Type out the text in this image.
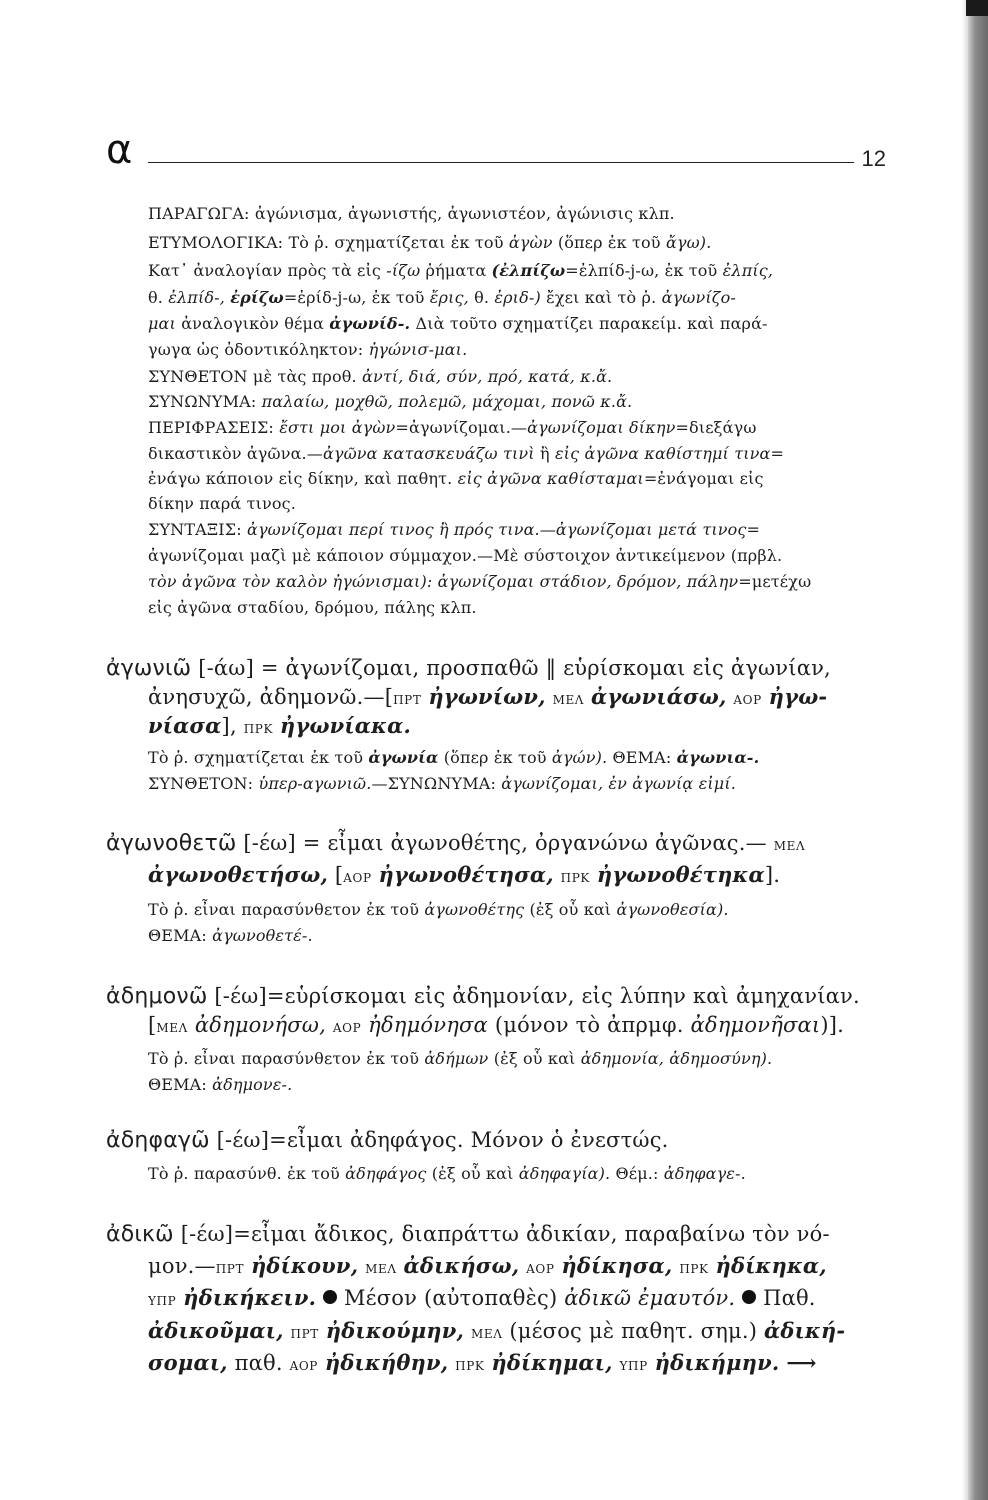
α	12
ΠΑΡΑΓΩΓΑ: ἀγώνισμα, ἀγωνιστής, ἀγωνιστέον, ἀγώνισις κλπ.
ΕΤΥΜΟΛΟΓΙΚΑ: Τὸ ῥ. σχηματίζεται ἐκ τοῦ ἀγὼν (ὅπερ ἐκ τοῦ ἄγω).
Κατ᾽ ἀναλογίαν πρὸς τὰ εἰς -ίζω ῥήματα (ἐλπίζω=ἐλπίδ-j-ω, ἐκ τοῦ ἐλπίς,
θ. ἐλπίδ-, ἐρίζω=ἐρίδ-j-ω, ἐκ τοῦ ἔρις, θ. ἐριδ-) ἔχει καὶ τὸ ῥ. ἀγωνίζο-
μαι ἀναλογικὸν θέμα ἀγωνίδ-. Διὰ τοῦτο σχηματίζει παρακείμ. καὶ παρά-
γωγα ὡς ὀδοντικόληκτον: ἠγώνισ-μαι.
ΣΥΝΘΕΤΟΝ μὲ τὰς προθ. ἀντί, διά, σύν, πρό, κατά, κ.ἄ.
ΣΥΝΩΝΥΜΑ: παλαίω, μοχθῶ, πολεμῶ, μάχομαι, πονῶ κ.ἄ.
ΠΕΡΙΦΡΑΣΕΙΣ: ἔστι μοι ἀγὼν=ἀγωνίζομαι.—ἀγωνίζομαι δίκην=διεξάγω
δικαστικὸν ἀγῶνα.—ἀγῶνα κατασκευάζω τινὶ ἢ εἰς ἀγῶνα καθίστημί τινα=
ἐνάγω κάποιον εἰς δίκην, καὶ παθητ. εἰς ἀγῶνα καθίσταμαι=ἐνάγομαι εἰς
δίκην παρά τινος.
ΣΥΝΤΑΞΙΣ: ἀγωνίζομαι περί τινος ἢ πρός τινα.—ἀγωνίζομαι μετά τινος=
ἀγωνίζομαι μαζὶ μὲ κάποιον σύμμαχον.—Μὲ σύστοιχον ἀντικείμενον (πρβλ.
τὸν ἀγῶνα τὸν καλὸν ἠγώνισμαι): ἀγωνίζομαι στάδιον, δρόμον, πάλην=μετέχω
εἰς ἀγῶνα σταδίου, δρόμου, πάλης κλπ.
ἀγωνιῶ [-άω] = ἀγωνίζομαι, προσπαθῶ ‖ εὑρίσκομαι εἰς ἀγωνίαν,
ἀνησυχῶ, ἀδημονῶ.—[ΠΡΤ ἠγωνίων, ΜΕΛ ἀγωνιάσω, ΑΟΡ ἠγω-
νίασα], ΠΡΚ ἠγωνίακα.
Τὸ ῥ. σχηματίζεται ἐκ τοῦ ἀγωνία (ὅπερ ἐκ τοῦ ἀγών). ΘΕΜΑ: ἀγωνια-.
ΣΥΝΘΕΤΟΝ: ὑπερ-αγωνιῶ.—ΣΥΝΩΝΥΜΑ: ἀγωνίζομαι, ἐν ἀγωνίᾳ εἰμί.
ἀγωνοθετῶ [-έω] = εἶμαι ἀγωνοθέτης, ὀργανώνω ἀγῶνας.— ΜΕΛ
ἀγωνοθετήσω, [ΑΟΡ ἠγωνοθέτησα, ΠΡΚ ἠγωνοθέτηκα].
Τὸ ῥ. εἶναι παρασύνθετον ἐκ τοῦ ἀγωνοθέτης (ἐξ οὗ καὶ ἀγωνοθεσία).
ΘΕΜΑ: ἀγωνοθετέ-.
ἀδημονῶ [-έω]=εὑρίσκομαι εἰς ἀδημονίαν, εἰς λύπην καὶ ἀμηχανίαν.
[ΜΕΛ ἀδημονήσω, ΑΟΡ ἠδημόνησα (μόνον τὸ ἀπρμφ. ἀδημονῆσαι)].
Τὸ ῥ. εἶναι παρασύνθετον ἐκ τοῦ ἀδήμων (ἐξ οὗ καὶ ἀδημονία, ἀδημοσύνη).
ΘΕΜΑ: ἀδημονε-.
ἀδηφαγῶ [-έω]=εἶμαι ἀδηφάγος. Μόνον ὁ ἐνεστώς.
Τὸ ῥ. παρασύνθ. ἐκ τοῦ ἀδηφάγος (ἐξ οὗ καὶ ἀδηφαγία). Θέμ.: ἀδηφαγε-.
ἀδικῶ [-έω]=εἶμαι ἄδικος, διαπράττω ἀδικίαν, παραβαίνω τὸν νό-
μον.—ΠΡΤ ἠδίκουν, ΜΕΛ ἀδικήσω, ΑΟΡ ἠδίκησα, ΠΡΚ ἠδίκηκα,
ΥΠΡ ἠδικήκειν. Μέσον (αὐτοπαθὲς) ἀδικῶ ἐμαυτόν. Παθ.
ἀδικοῦμαι, ΠΡΤ ἠδικούμην, ΜΕΛ (μέσος μὲ παθητ. σημ.) ἀδική-
σομαι, παθ. ΑΟΡ ἠδικήθην, ΠΡΚ ἠδίκημαι, ΥΠΡ ἠδικήμην. ⟶
